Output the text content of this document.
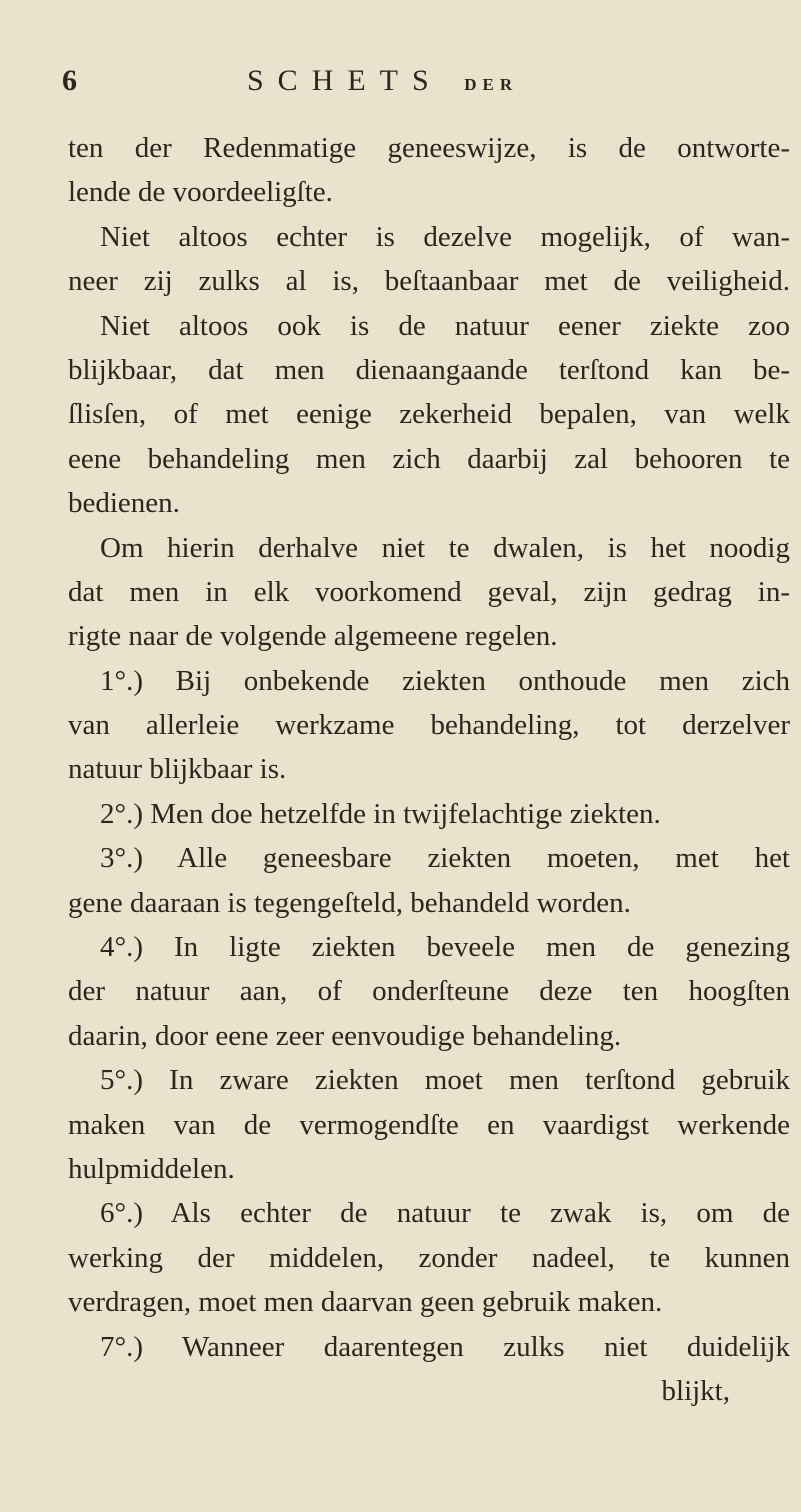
6	SCHETS DER
ten der Redenmatige geneeswijze, is de ontworte-
lende de voordeeligſte.
Niet altoos echter is dezelve mogelijk, of wan-
neer zij zulks al is, beſtaanbaar met de veiligheid.
Niet altoos ook is de natuur eener ziekte zoo
blijkbaar, dat men dienaangaande terſtond kan be-
ſlisſen, of met eenige zekerheid bepalen, van welk
eene behandeling men zich daarbij zal behooren te
bedienen.
Om hierin derhalve niet te dwalen, is het noodig
dat men in elk voorkomend geval, zijn gedrag in-
rigte naar de volgende algemeene regelen.
1°.) Bij onbekende ziekten onthoude men zich
van allerleie werkzame behandeling, tot derzelver
natuur blijkbaar is.
2°.) Men doe hetzelfde in twijfelachtige ziekten.
3°.) Alle geneesbare ziekten moeten, met het
gene daaraan is tegengeſteld, behandeld worden.
4°.) In ligte ziekten beveele men de genezing
der natuur aan, of onderſteune deze ten hoogſten
daarin, door eene zeer eenvoudige behandeling.
5°.) In zware ziekten moet men terſtond gebruik
maken van de vermogendſte en vaardigst werkende
hulpmiddelen.
6°.) Als echter de natuur te zwak is, om de
werking der middelen, zonder nadeel, te kunnen
verdragen, moet men daarvan geen gebruik maken.
7°.) Wanneer daarentegen zulks niet duidelijk
blijkt,
